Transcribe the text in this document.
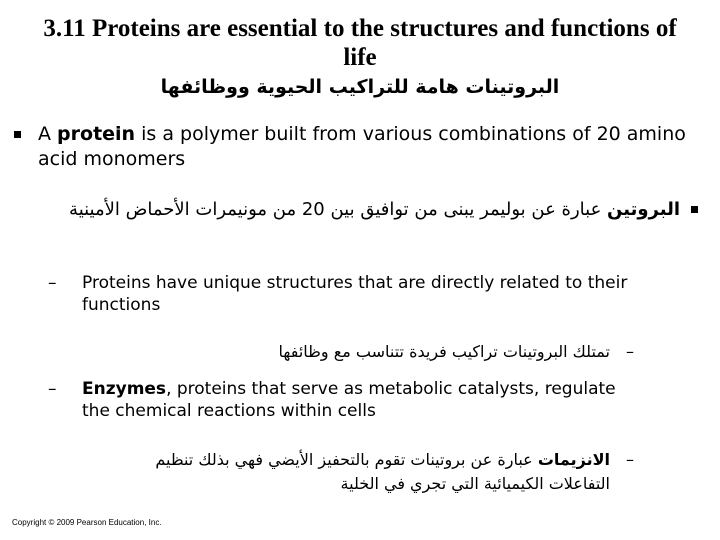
3.11 Proteins are essential to the structures and functions of life
البروتينات هامة للتراكيب الحيوية ووظائفها
A protein is a polymer built from various combinations of 20 amino acid monomers
البروتين عبارة عن بوليمر يبنى من توافيق بين 20 من مونيمرات الأحماض الأمينية
– Proteins have unique structures that are directly related to their functions
–
تمتلك البروتينات تراكيب فريدة تتناسب مع وظائفها
– Enzymes, proteins that serve as metabolic catalysts, regulate the chemical reactions within cells
–
الانزيمات عبارة عن بروتينات تقوم بالتحفيز الأيضي فهي بذلك تنظيم التفاعلات الكيميائية التي تجري في الخلية
Copyright © 2009 Pearson Education, Inc.
